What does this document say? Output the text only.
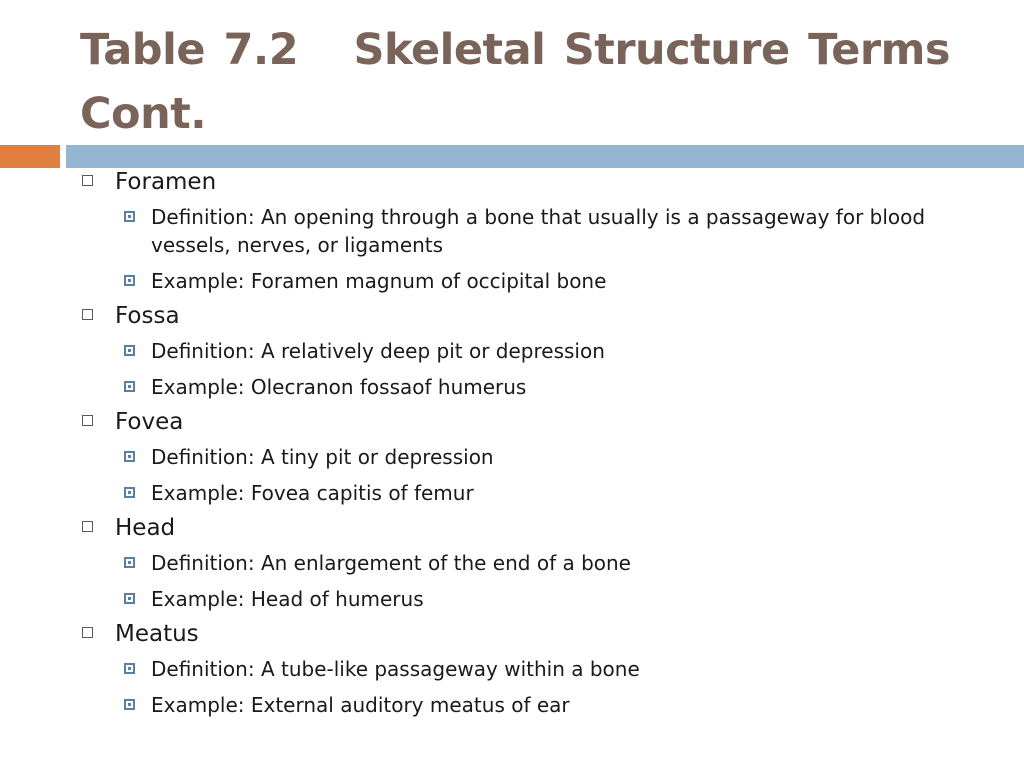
Table 7.2   Skeletal Structure Terms Cont.
Foramen
Definition: An opening through a bone that usually is a passageway for blood vessels, nerves, or ligaments
Example: Foramen magnum of occipital bone
Fossa
Definition: A relatively deep pit or depression
Example: Olecranon fossaof humerus
Fovea
Definition: A tiny pit or depression
Example: Fovea capitis of femur
Head
Definition: An enlargement of the end of a bone
Example: Head of humerus
Meatus
Definition: A tube-like passageway within a bone
Example: External auditory meatus of ear
